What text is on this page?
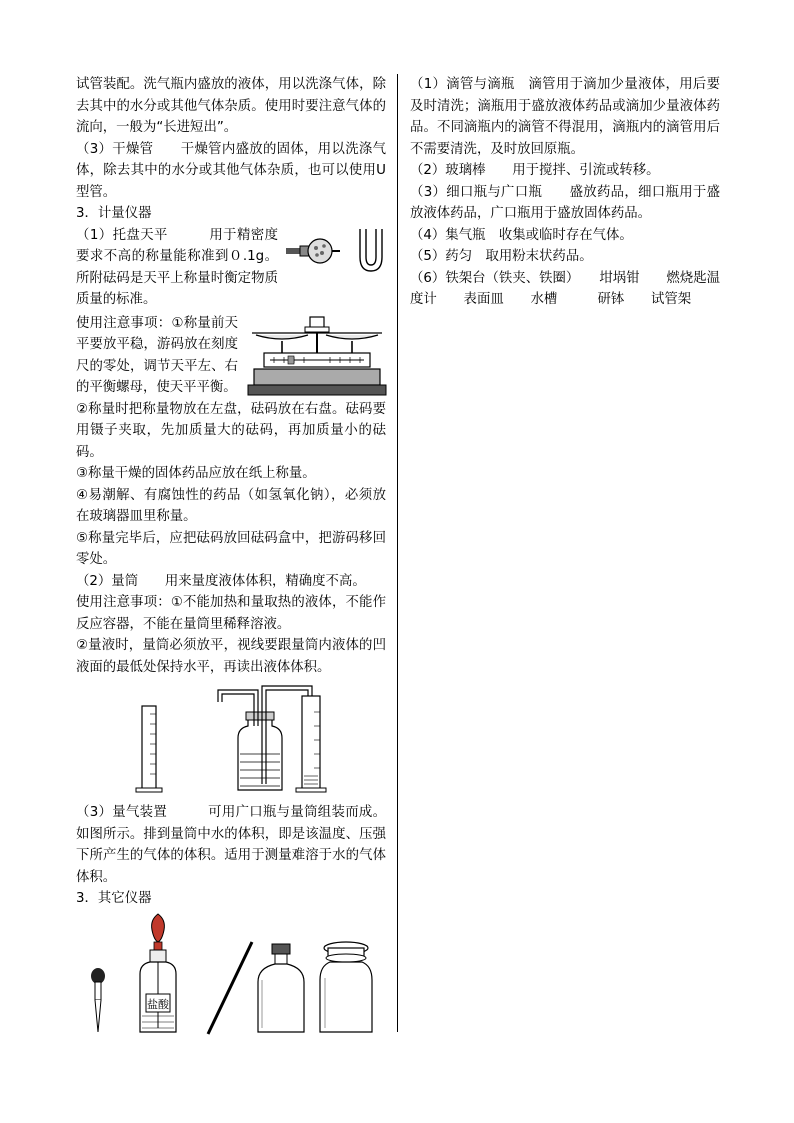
试管装配。洗气瓶内盛放的液体，用以洗涤气体，除去其中的水分或其他气体杂质。使用时要注意气体的流向，一般为“长进短出”。

（3）干燥管　　干燥管内盛放的固体，用以洗涤气体，除去其中的水分或其他气体杂质，也可以使用U型管。

3．计量仪器

（1）托盘天平　　　用于精密度要求不高的称量能称准到０.1g。所附砝码是天平上称量时衡定物质质量的标准。

使用注意事项：①称量前天平要放平稳，游码放在刻度尺的零处，调节天平左、右的平衡螺母，使天平平衡。

②称量时把称量物放在左盘，砝码放在右盘。砝码要用镊子夹取，先加质量大的砝码，再加质量小的砝码。

③称量干燥的固体药品应放在纸上称量。

④易潮解、有腐蚀性的药品（如氢氧化钠），必须放在玻璃器皿里称量。

⑤称量完毕后，应把砝码放回砝码盒中，把游码移回零处。

（2）量筒　　用来量度液体体积，精确度不高。

使用注意事项：①不能加热和量取热的液体，不能作反应容器，不能在量筒里稀释溶液。

②量液时，量筒必须放平，视线要跟量筒内液体的凹液面的最低处保持水平，再读出液体体积。

（3）量气装置　　　可用广口瓶与量筒组装而成。如图所示。排到量筒中水的体积，即是该温度、压强下所产生的气体的体积。适用于测量难溶于水的气体体积。

3．其它仪器

盐酸

（1）滴管与滴瓶　滴管用于滴加少量液体，用后要及时清洗；滴瓶用于盛放液体药品或滴加少量液体药品。不同滴瓶内的滴管不得混用，滴瓶内的滴管用后不需要清洗，及时放回原瓶。

（2）玻璃棒　　用于搅拌、引流或转移。

（3）细口瓶与广口瓶　　盛放药品，细口瓶用于盛放液体药品，广口瓶用于盛放固体药品。

（4）集气瓶　收集或临时存在气体。

（5）药匀　取用粉末状药品。

（6）铁架台（铁夹、铁圈）　　坩埚钳　　燃烧匙温度计　　表面皿　　水槽　　　研钵　　试管架
